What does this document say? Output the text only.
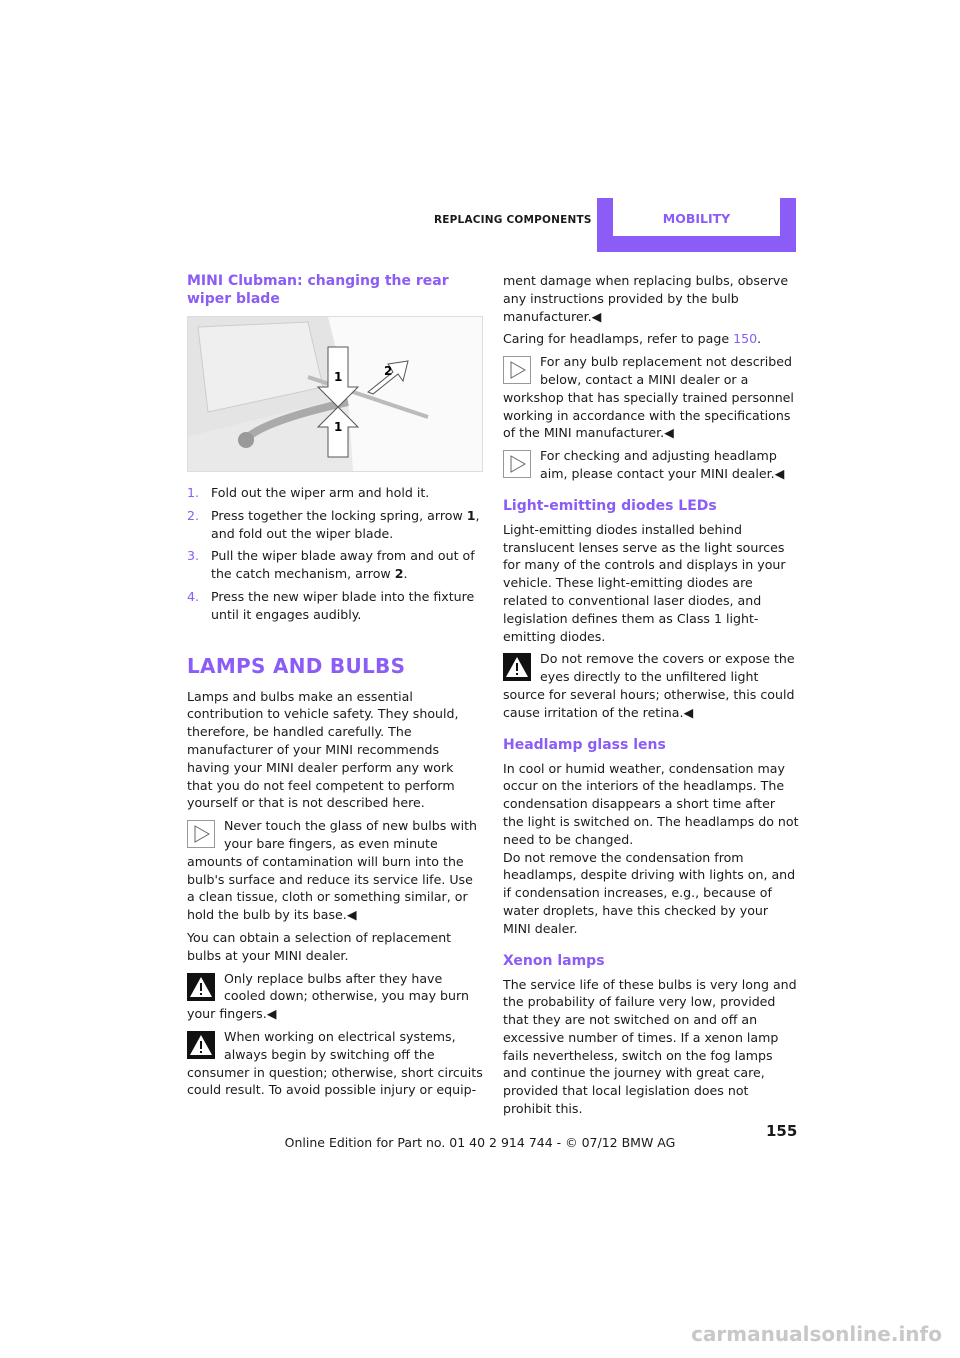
REPLACING COMPONENTS	MOBILITY
MINI Clubman: changing the rear wiper blade
1	2
1
1. Fold out the wiper arm and hold it.
2. Press together the locking spring, arrow 1, and fold out the wiper blade.
3. Pull the wiper blade away from and out of the catch mechanism, arrow 2.
4. Press the new wiper blade into the fixture until it engages audibly.
LAMPS AND BULBS

Lamps and bulbs make an essential contribution to vehicle safety. They should, therefore, be handled carefully. The manufacturer of your MINI recommends having your MINI dealer perform any work that you do not feel competent to perform yourself or that is not described here.

Never touch the glass of new bulbs with your bare fingers, as even minute amounts of contamination will burn into the bulb's surface and reduce its service life. Use a clean tissue, cloth or something similar, or hold the bulb by its base.◀

You can obtain a selection of replacement bulbs at your MINI dealer.

Only replace bulbs after they have cooled down; otherwise, you may burn your fingers.◀
When working on electrical systems, always begin by switching off the consumer in question; otherwise, short circuits could result. To avoid possible injury or equip-

ment damage when replacing bulbs, observe any instructions provided by the bulb manufacturer.◀

Caring for headlamps, refer to page 150.

For any bulb replacement not described below, contact a MINI dealer or a workshop that has specially trained personnel working in accordance with the specifications of the MINI manufacturer.◀
For checking and adjusting headlamp aim, please contact your MINI dealer.◀
Light-emitting diodes LEDs

Light-emitting diodes installed behind translucent lenses serve as the light sources for many of the controls and displays in your vehicle. These light-emitting diodes are related to conventional laser diodes, and legislation defines them as Class 1 light-emitting diodes.

Do not remove the covers or expose the eyes directly to the unfiltered light source for several hours; otherwise, this could cause irritation of the retina.◀
Headlamp glass lens

In cool or humid weather, condensation may occur on the interiors of the headlamps. The condensation disappears a short time after the light is switched on. The headlamps do not need to be changed.

Do not remove the condensation from headlamps, despite driving with lights on, and if condensation increases, e.g., because of water droplets, have this checked by your MINI dealer.

Xenon lamps

The service life of these bulbs is very long and the probability of failure very low, provided that they are not switched on and off an excessive number of times. If a xenon lamp fails nevertheless, switch on the fog lamps and continue the journey with great care, provided that local legislation does not prohibit this.

155
Online Edition for Part no. 01 40 2 914 744 - © 07/12 BMW AG
carmanualsonline.info
